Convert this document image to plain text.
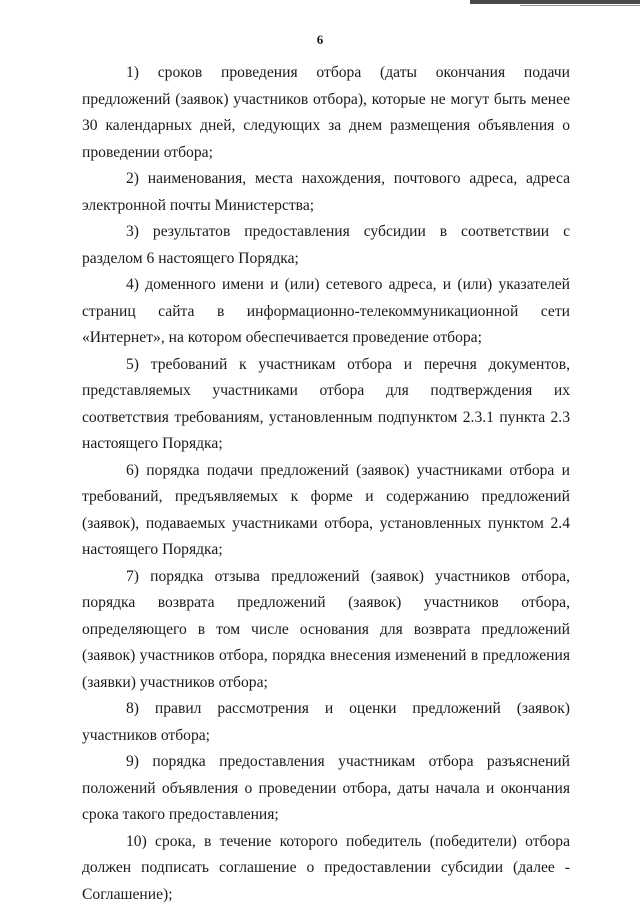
6

1) сроков проведения отбора (даты окончания подачи предложений (заявок) участников отбора), которые не могут быть менее 30 календарных дней, следующих за днем размещения объявления о проведении отбора;

2) наименования, места нахождения, почтового адреса, адреса электронной почты Министерства;

3) результатов предоставления субсидии в соответствии с разделом 6 настоящего Порядка;

4) доменного имени и (или) сетевого адреса, и (или) указателей страниц сайта в информационно-телекоммуникационной сети «Интернет», на котором обеспечивается проведение отбора;

5) требований к участникам отбора и перечня документов, представляемых участниками отбора для подтверждения их соответствия требованиям, установленным подпунктом 2.3.1 пункта 2.3 настоящего Порядка;

6) порядка подачи предложений (заявок) участниками отбора и требований, предъявляемых к форме и содержанию предложений (заявок), подаваемых участниками отбора, установленных пунктом 2.4 настоящего Порядка;

7) порядка отзыва предложений (заявок) участников отбора, порядка возврата предложений (заявок) участников отбора, определяющего в том числе основания для возврата предложений (заявок) участников отбора, порядка внесения изменений в предложения (заявки) участников отбора;

8) правил рассмотрения и оценки предложений (заявок) участников отбора;

9) порядка предоставления участникам отбора разъяснений положений объявления о проведении отбора, даты начала и окончания срока такого предоставления;

10) срока, в течение которого победитель (победители) отбора должен подписать соглашение о предоставлении субсидии (далее - Соглашение);
